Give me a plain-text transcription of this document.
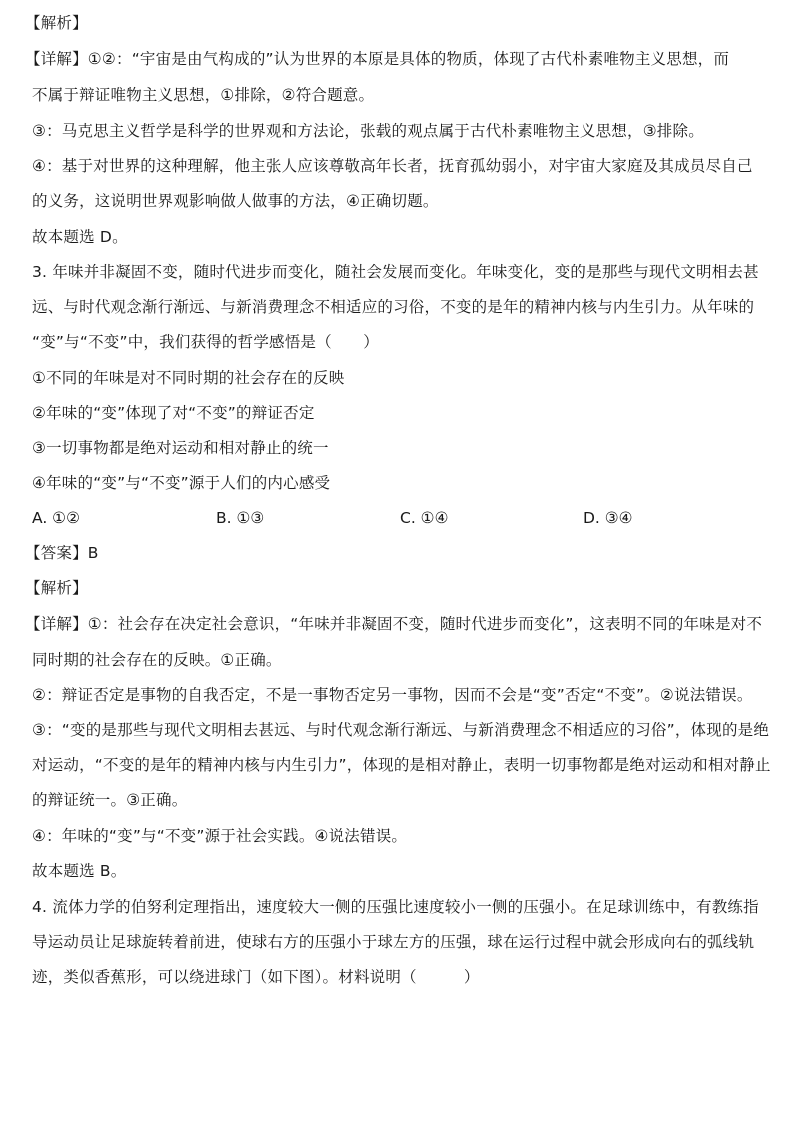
【解析】
【详解】①②：“宇宙是由气构成的”认为世界的本原是具体的物质，体现了古代朴素唯物主义思想，而
不属于辩证唯物主义思想，①排除，②符合题意。
③：马克思主义哲学是科学的世界观和方法论，张载的观点属于古代朴素唯物主义思想，③排除。
④：基于对世界的这种理解，他主张人应该尊敬高年长者，抚育孤幼弱小，对宇宙大家庭及其成员尽自己
的义务，这说明世界观影响做人做事的方法，④正确切题。
故本题选 D。
3. 年味并非凝固不变，随时代进步而变化，随社会发展而变化。年味变化，变的是那些与现代文明相去甚
远、与时代观念渐行渐远、与新消费理念不相适应的习俗，不变的是年的精神内核与内生引力。从年味的
“变”与“不变”中，我们获得的哲学感悟是（　　）
①不同的年味是对不同时期的社会存在的反映
②年味的“变”体现了对“不变”的辩证否定
③一切事物都是绝对运动和相对静止的统一
④年味的“变”与“不变”源于人们的内心感受
A. ①②	B. ①③	C. ①④	D. ③④
【答案】B
【解析】
【详解】①：社会存在决定社会意识，“年味并非凝固不变，随时代进步而变化”，这表明不同的年味是对不
同时期的社会存在的反映。①正确。
②：辩证否定是事物的自我否定，不是一事物否定另一事物，因而不会是“变”否定“不变”。②说法错误。
③：“变的是那些与现代文明相去甚远、与时代观念渐行渐远、与新消费理念不相适应的习俗”，体现的是绝
对运动，“不变的是年的精神内核与内生引力”，体现的是相对静止，表明一切事物都是绝对运动和相对静止
的辩证统一。③正确。
④：年味的“变”与“不变”源于社会实践。④说法错误。
故本题选 B。
4. 流体力学的伯努利定理指出，速度较大一侧的压强比速度较小一侧的压强小。在足球训练中，有教练指
导运动员让足球旋转着前进，使球右方的压强小于球左方的压强，球在运行过程中就会形成向右的弧线轨
迹，类似香蕉形，可以绕进球门（如下图）。材料说明（　　　）
